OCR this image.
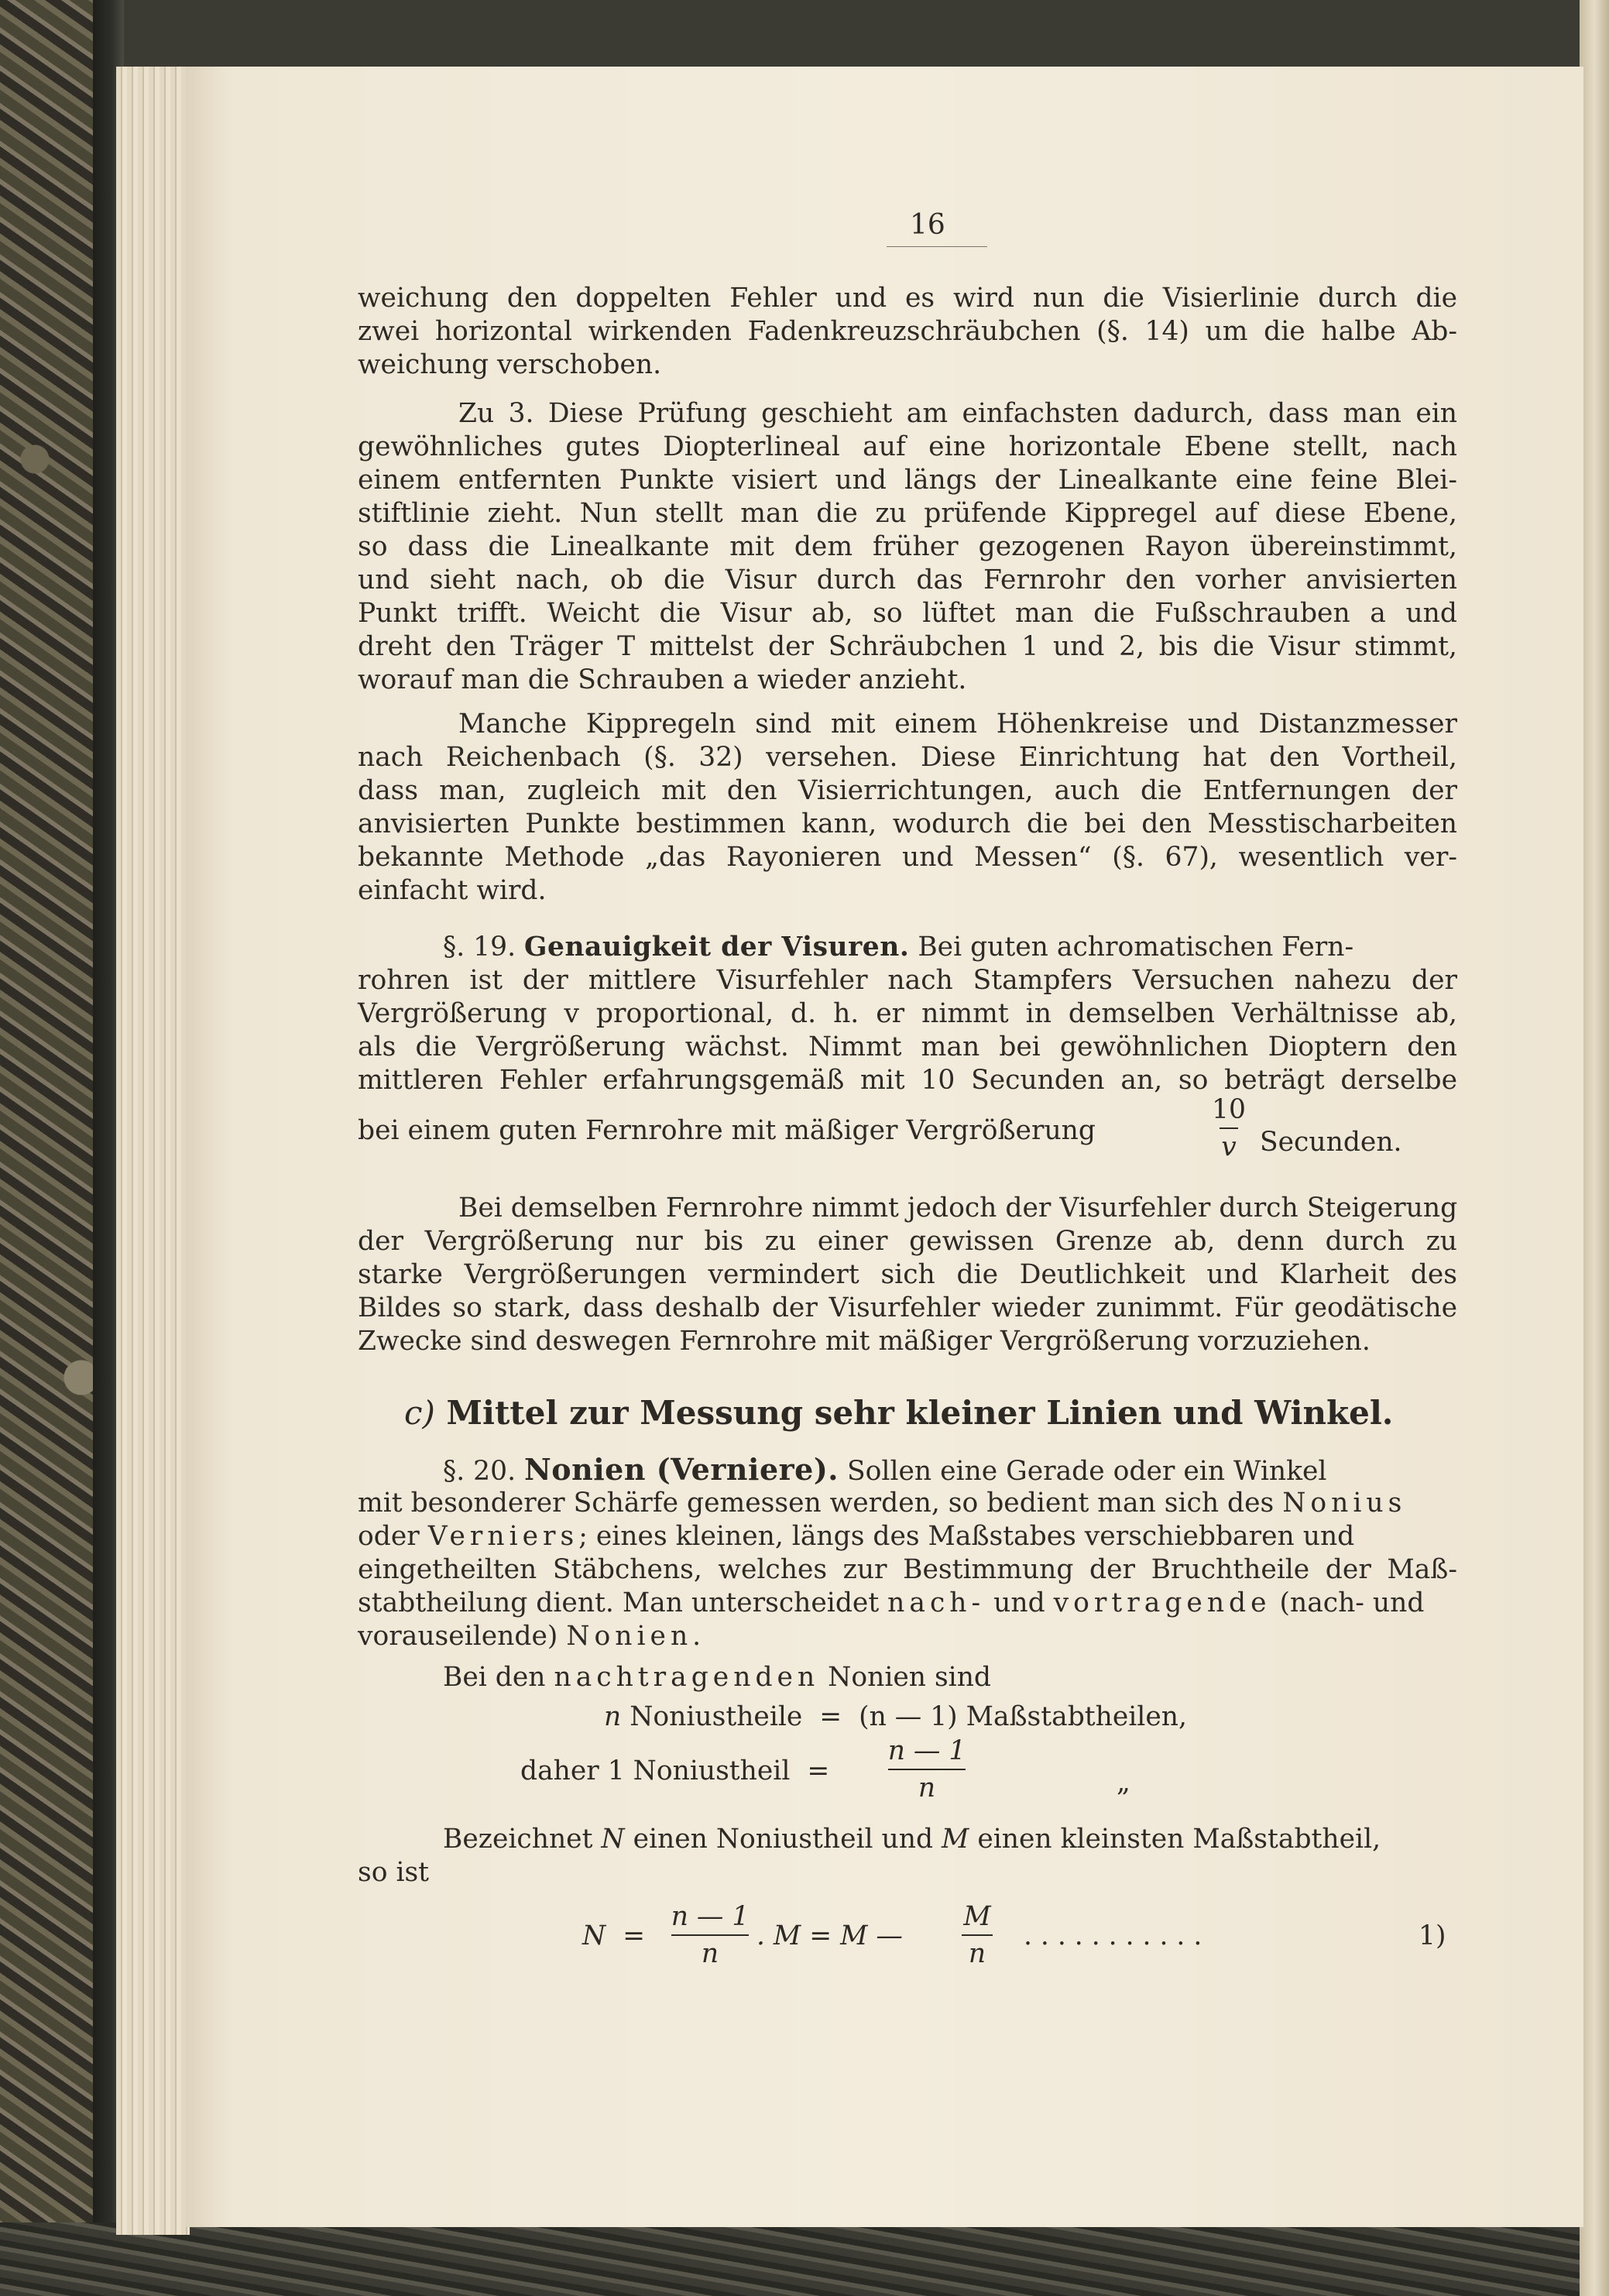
16
weichung den doppelten Fehler und es wird nun die Visierlinie durch die
zwei horizontal wirkenden Fadenkreuzschräubchen (§. 14) um die halbe Ab-
weichung verschoben.
Zu 3. Diese Prüfung geschieht am einfachsten dadurch, dass man ein
gewöhnliches gutes Diopterlineal auf eine horizontale Ebene stellt, nach
einem entfernten Punkte visiert und längs der Linealkante eine feine Blei-
stiftlinie zieht. Nun stellt man die zu prüfende Kippregel auf diese Ebene,
so dass die Linealkante mit dem früher gezogenen Rayon übereinstimmt,
und sieht nach, ob die Visur durch das Fernrohr den vorher anvisierten
Punkt trifft. Weicht die Visur ab, so lüftet man die Fußschrauben a und
dreht den Träger T mittelst der Schräubchen 1 und 2, bis die Visur stimmt,
worauf man die Schrauben a wieder anzieht.
Manche Kippregeln sind mit einem Höhenkreise und Distanzmesser
nach Reichenbach (§. 32) versehen. Diese Einrichtung hat den Vortheil,
dass man, zugleich mit den Visierrichtungen, auch die Entfernungen der
anvisierten Punkte bestimmen kann, wodurch die bei den Messtischarbeiten
bekannte Methode „das Rayonieren und Messen“ (§. 67), wesentlich ver-
einfacht wird.
§. 19. Genauigkeit der Visuren. Bei guten achromatischen Fern-
rohren ist der mittlere Visurfehler nach Stampfers Versuchen nahezu der
Vergrößerung v proportional, d. h. er nimmt in demselben Verhältnisse ab,
als die Vergrößerung wächst. Nimmt man bei gewöhnlichen Dioptern den
mittleren Fehler erfahrungsgemäß mit 10 Secunden an, so beträgt derselbe
bei einem guten Fernrohre mit mäßiger Vergrößerung
10
v Secunden.
Bei demselben Fernrohre nimmt jedoch der Visurfehler durch Steigerung
der Vergrößerung nur bis zu einer gewissen Grenze ab, denn durch zu
starke Vergrößerungen vermindert sich die Deutlichkeit und Klarheit des
Bildes so stark, dass deshalb der Visurfehler wieder zunimmt. Für geodätische
Zwecke sind deswegen Fernrohre mit mäßiger Vergrößerung vorzuziehen.
c) Mittel zur Messung sehr kleiner Linien und Winkel.
§. 20. Nonien (Verniere). Sollen eine Gerade oder ein Winkel
mit besonderer Schärfe gemessen werden, so bedient man sich des Nonius
oder Verniers; eines kleinen, längs des Maßstabes verschiebbaren und
eingetheilten Stäbchens, welches zur Bestimmung der Bruchtheile der Maß-
stabtheilung dient. Man unterscheidet nach- und vortragende (nach- und
vorauseilende) Nonien.
Bei den nachtragenden Nonien sind
n Noniustheile = (n — 1) Maßstabtheilen,
daher 1 Noniustheil =
n — 1
n	„
Bezeichnet N einen Noniustheil und M einen kleinsten Maßstabtheil,
so ist
N =
n — 1
n
. M = M —
M
n
. . . . . . . . . . .	1)
